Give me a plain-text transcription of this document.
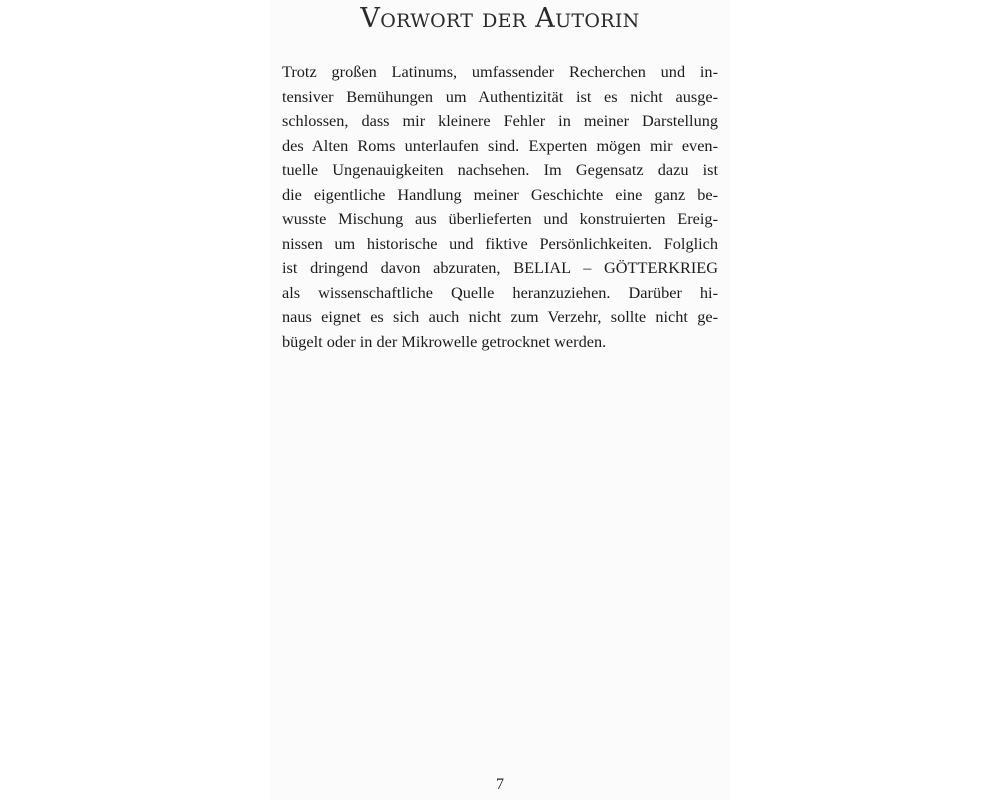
Vorwort der Autorin
Trotz großen Latinums, umfassender Recherchen und in-
tensiver Bemühungen um Authentizität ist es nicht ausge-
schlossen, dass mir kleinere Fehler in meiner Darstellung
des Alten Roms unterlaufen sind. Experten mögen mir even-
tuelle Ungenauigkeiten nachsehen. Im Gegensatz dazu ist
die eigentliche Handlung meiner Geschichte eine ganz be-
wusste Mischung aus überlieferten und konstruierten Ereig-
nissen um historische und fiktive Persönlichkeiten. Folglich
ist dringend davon abzuraten, BELIAL – GÖTTERKRIEG
als wissenschaftliche Quelle heranzuziehen. Darüber hi-
naus eignet es sich auch nicht zum Verzehr, sollte nicht ge-
bügelt oder in der Mikrowelle getrocknet werden.
7
